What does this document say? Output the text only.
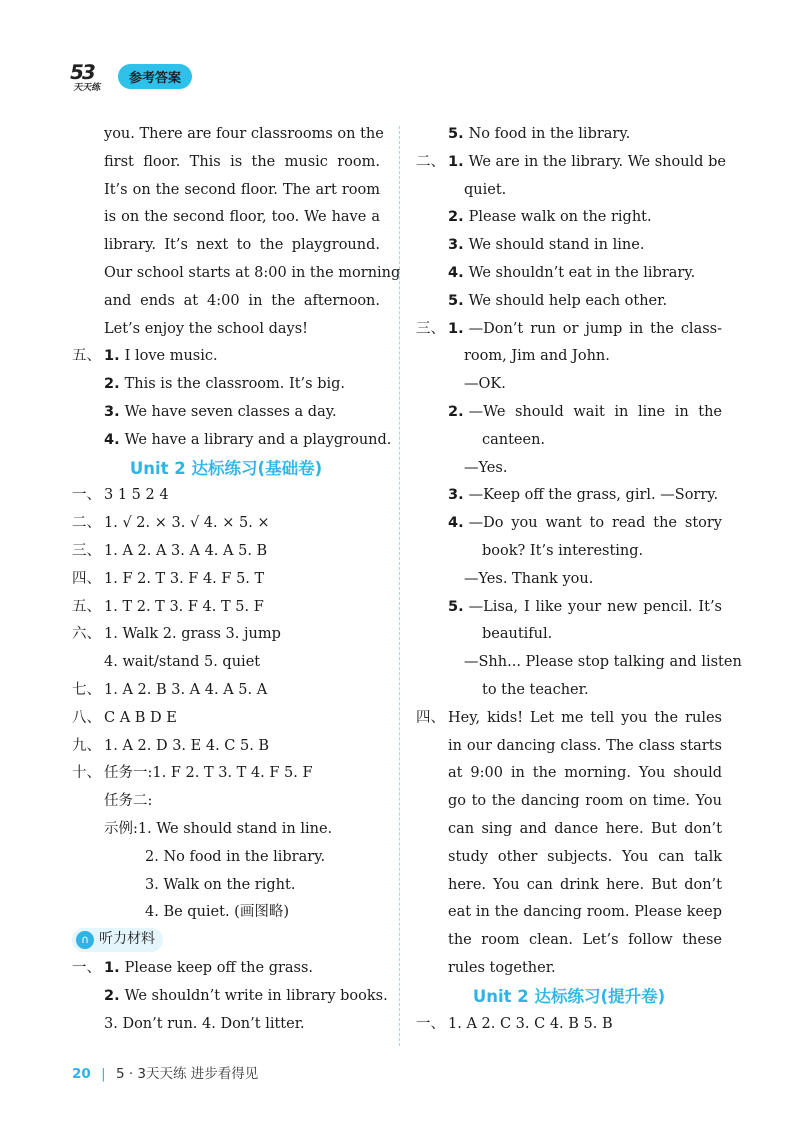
53
天天练
参考答案
you. There are four classrooms on the
first floor. This is the music room.
It’s on the second floor. The art room
is on the second floor, too. We have a
library. It’s next to the playground.
Our school starts at 8:00 in the morning
and ends at 4:00 in the afternoon.
Let’s enjoy the school days!
五、 1. I love music.
2. This is the classroom. It’s big.
3. We have seven classes a day.
4. We have a library and a playground.
Unit 2 达标练习(基础卷)
一、 3 1 5 2 4
二、 1. √ 2. × 3. √ 4. × 5. ×
三、 1. A 2. A 3. A 4. A 5. B
四、 1. F 2. T 3. F 4. F 5. T
五、 1. T 2. T 3. F 4. T 5. F
六、 1. Walk 2. grass 3. jump
4. wait/stand 5. quiet
七、 1. A 2. B 3. A 4. A 5. A
八、 C A B D E
九、 1. A 2. D 3. E 4. C 5. B
十、 任务一:1. F 2. T 3. T 4. F 5. F
任务二:
示例:1. We should stand in line.
2. No food in the library.
3. Walk on the right.
4. Be quiet. (画图略)
∩ 听力材料
一、 1. Please keep off the grass.
2. We shouldn’t write in library books.
3. Don’t run. 4. Don’t litter.
5. No food in the library.
二、 1. We are in the library. We should be
quiet.
2. Please walk on the right.
3. We should stand in line.
4. We shouldn’t eat in the library.
5. We should help each other.
三、 1. —Don’t run or jump in the class-
room, Jim and John.
—OK.
2. —We should wait in line in the
canteen.
—Yes.
3. —Keep off the grass, girl. —Sorry.
4. —Do you want to read the story
book? It’s interesting.
—Yes. Thank you.
5. —Lisa, I like your new pencil. It’s
beautiful.
—Shh... Please stop talking and listen
to the teacher.
四、 Hey, kids! Let me tell you the rules
in our dancing class. The class starts
at 9:00 in the morning. You should
go to the dancing room on time. You
can sing and dance here. But don’t
study other subjects. You can talk
here. You can drink here. But don’t
eat in the dancing room. Please keep
the room clean. Let’s follow these
rules together.
Unit 2 达标练习(提升卷)
一、 1. A 2. C 3. C 4. B 5. B
20 | 5 · 3天天练 进步看得见
